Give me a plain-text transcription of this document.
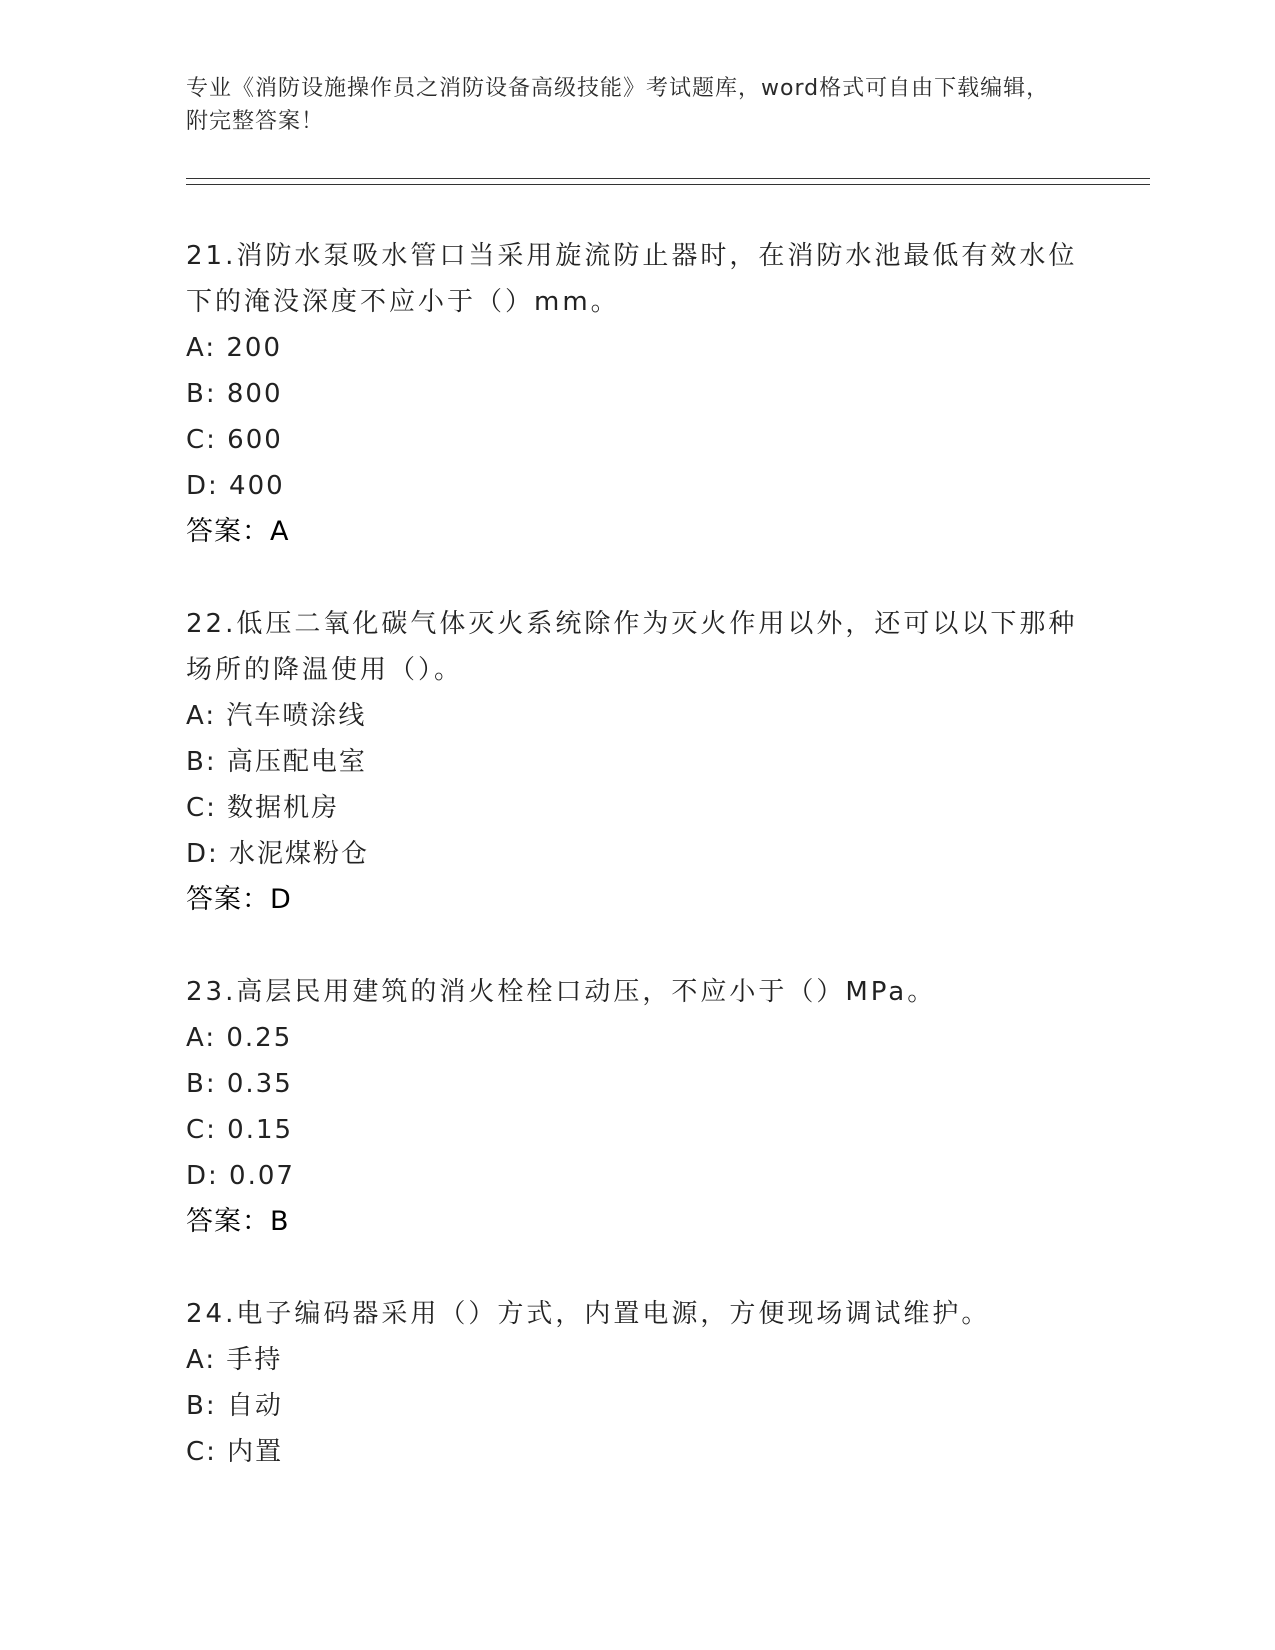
专业《消防设施操作员之消防设备高级技能》考试题库，word格式可自由下载编辑，附完整答案！
21.消防水泵吸水管口当采用旋流防止器时，在消防水池最低有效水位下的淹没深度不应小于（）mm。
A: 200
B: 800
C: 600
D: 400
答案：A
22.低压二氧化碳气体灭火系统除作为灭火作用以外，还可以以下那种场所的降温使用（）。
A: 汽车喷涂线
B: 高压配电室
C: 数据机房
D: 水泥煤粉仓
答案：D
23.高层民用建筑的消火栓栓口动压，不应小于（）MPa。
A: 0.25
B: 0.35
C: 0.15
D: 0.07
答案：B
24.电子编码器采用（）方式，内置电源，方便现场调试维护。
A: 手持
B: 自动
C: 内置
